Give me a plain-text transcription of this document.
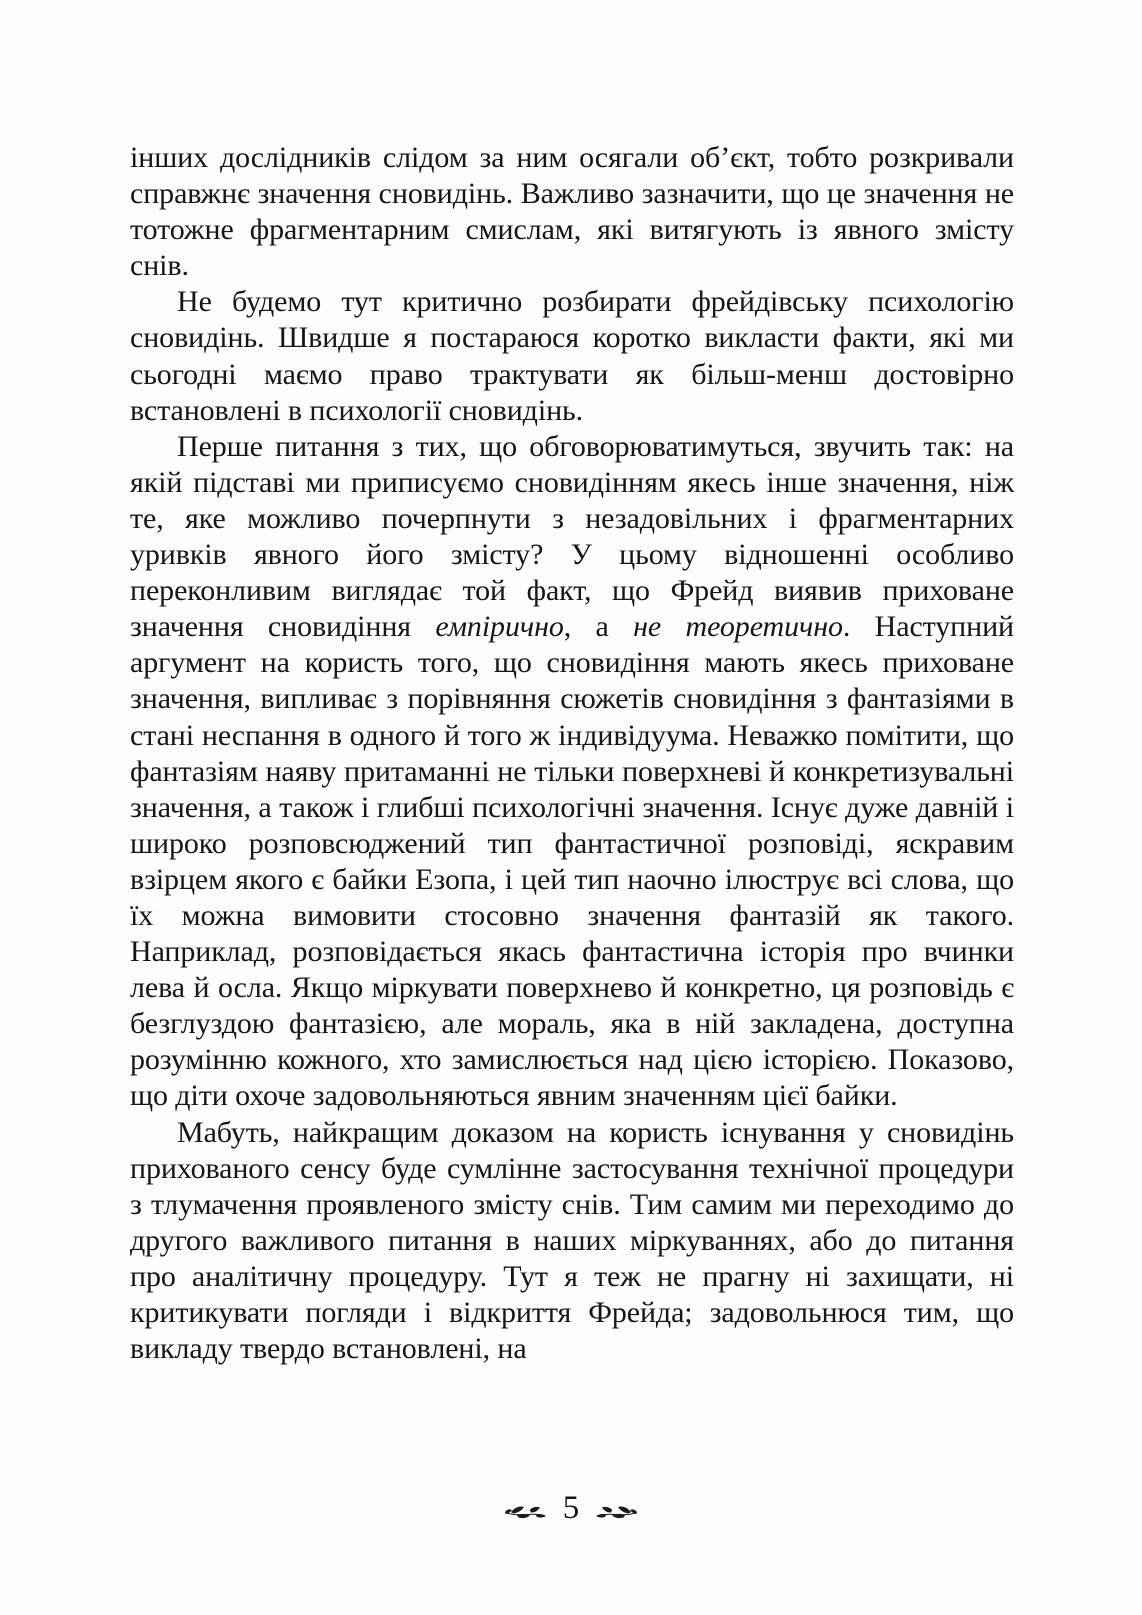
інших дослідників слідом за ним осягали об’єкт, тобто розкривали справжнє значення сновидінь. Важливо зазначити, що це значення не тотожне фрагментарним смислам, які витягують із явного змісту снів.

Не будемо тут критично розбирати фрейдівську психологію сновидінь. Швидше я постараюся коротко викласти факти, які ми сьогодні маємо право трактувати як більш-менш достовірно встановлені в психології сновидінь.

Перше питання з тих, що обговорюватимуться, звучить так: на якій підставі ми приписуємо сновидінням якесь інше значення, ніж те, яке можливо почерпнути з незадовільних і фрагментарних уривків явного його змісту? У цьому відношенні особливо переконливим виглядає той факт, що Фрейд виявив приховане значення сновидіння емпірично, а не теоретично. Наступний аргумент на користь того, що сновидіння мають якесь приховане значення, випливає з порівняння сюжетів сновидіння з фантазіями в стані неспання в одного й того ж індивідуума. Неважко помітити, що фантазіям наяву притаманні не тільки поверхневі й конкретизувальні значення, а також і глибші психологічні значення. Існує дуже давній і широко розповсюджений тип фантастичної розповіді, яскравим взірцем якого є байки Езопа, і цей тип наочно ілюструє всі слова, що їх можна вимовити стосовно значення фантазій як такого. Наприклад, розповідається якась фантастична історія про вчинки лева й осла. Якщо міркувати поверхнево й конкретно, ця розповідь є безглуздою фантазією, але мораль, яка в ній закладена, доступна розумінню кожного, хто замислюється над цією історією. Показово, що діти охоче задовольняються явним значенням цієї байки.

Мабуть, найкращим доказом на користь існування у сновидінь прихованого сенсу буде сумлінне застосування технічної процедури з тлумачення проявленого змісту снів. Тим самим ми переходимо до другого важливого питання в наших міркуваннях, або до питання про аналітичну процедуру. Тут я теж не прагну ні захищати, ні критикувати погляди і відкриття Фрейда; задовольнюся тим, що викладу твердо встановлені, на

5
